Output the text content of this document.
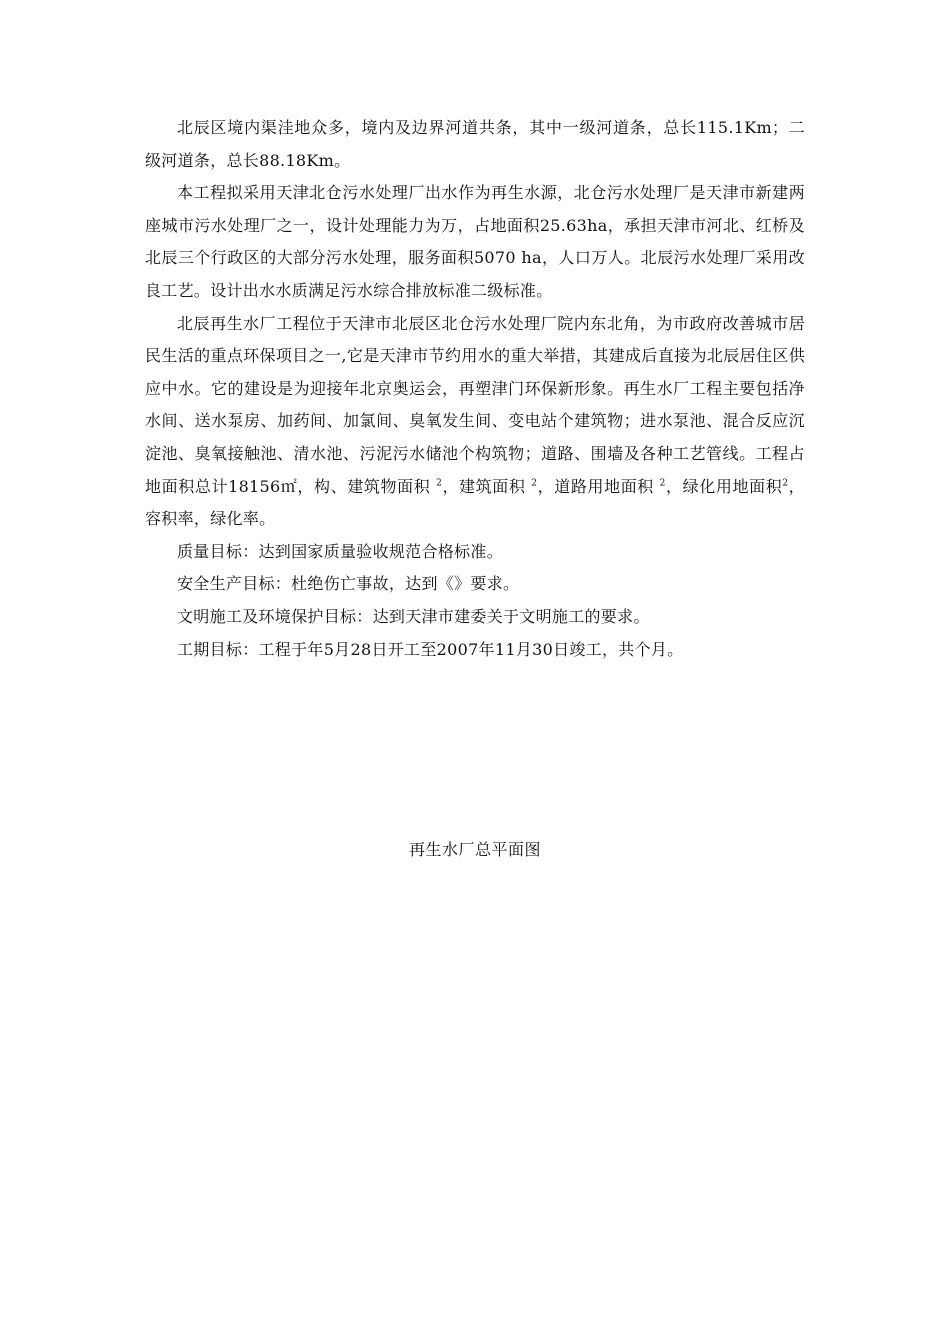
北辰区境内渠洼地众多，境内及边界河道共条，其中一级河道条，总长115.1Km；二级河道条，总长88.18Km。

本工程拟采用天津北仓污水处理厂出水作为再生水源，北仓污水处理厂是天津市新建两座城市污水处理厂之一，设计处理能力为万，占地面积25.63ha，承担天津市河北、红桥及北辰三个行政区的大部分污水处理，服务面积5070 ha，人口万人。北辰污水处理厂采用改良工艺。设计出水水质满足污水综合排放标准二级标准。

北辰再生水厂工程位于天津市北辰区北仓污水处理厂院内东北角，为市政府改善城市居民生活的重点环保项目之一,它是天津市节约用水的重大举措，其建成后直接为北辰居住区供应中水。它的建设是为迎接年北京奥运会，再塑津门环保新形象。再生水厂工程主要包括净水间、送水泵房、加药间、加氯间、臭氧发生间、变电站个建筑物；进水泵池、混合反应沉淀池、臭氧接触池、清水池、污泥污水储池个构筑物；道路、围墙及各种工艺管线。工程占地面积总计18156㎡，构、建筑物面积 $^2$，建筑面积 $^2$，道路用地面积 $^2$，绿化用地面积$^2$，容积率，绿化率。

质量目标：达到国家质量验收规范合格标准。

安全生产目标：杜绝伤亡事故，达到《》要求。

文明施工及环境保护目标：达到天津市建委关于文明施工的要求。

工期目标：工程于年5月28日开工至2007年11月30日竣工，共个月。

再生水厂总平面图
